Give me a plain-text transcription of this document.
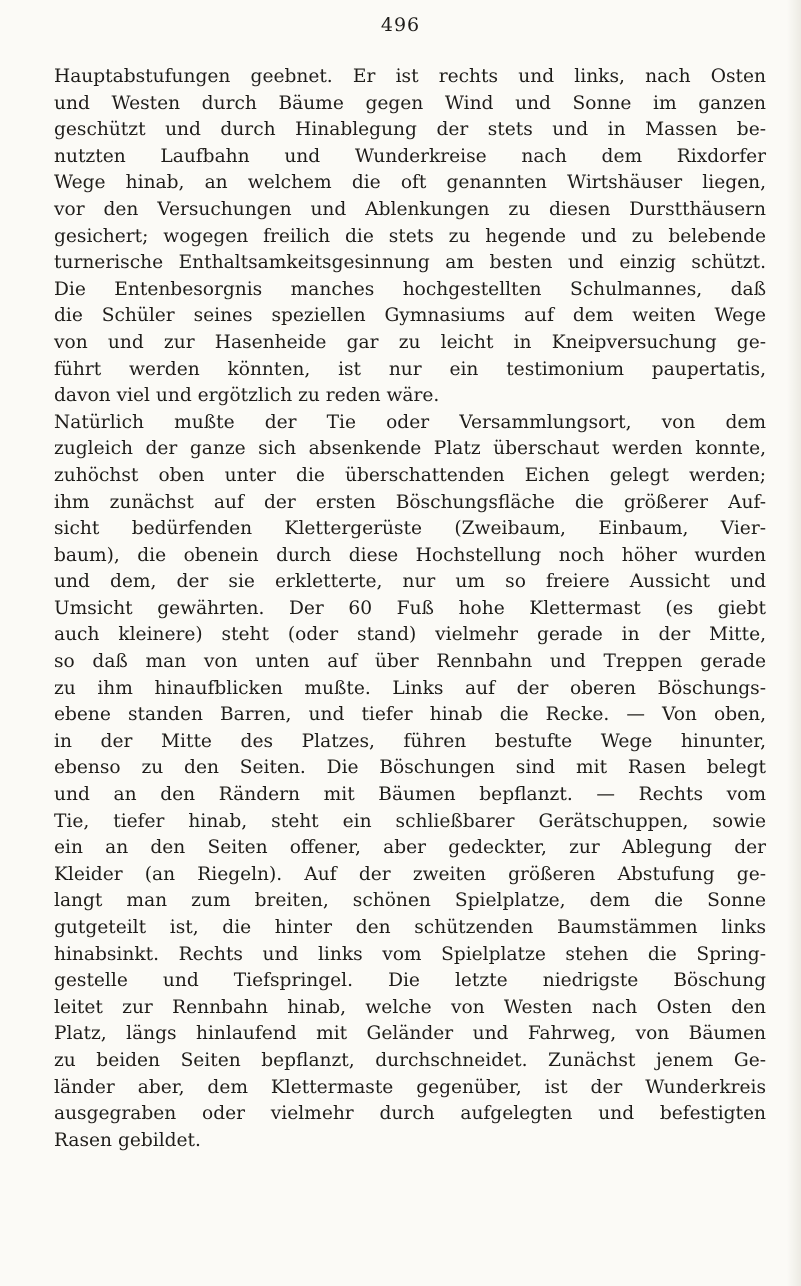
496
Hauptabstufungen geebnet. Er ist rechts und links, nach Osten
und Westen durch Bäume gegen Wind und Sonne im ganzen
geschützt und durch Hinablegung der stets und in Massen be-
nutzten Laufbahn und Wunderkreise nach dem Rixdorfer
Wege hinab, an welchem die oft genannten Wirtshäuser liegen,
vor den Versuchungen und Ablenkungen zu diesen Durstthäusern
gesichert; wogegen freilich die stets zu hegende und zu belebende
turnerische Enthaltsamkeitsgesinnung am besten und einzig schützt.
Die Entenbesorgnis manches hochgestellten Schulmannes, daß
die Schüler seines speziellen Gymnasiums auf dem weiten Wege
von und zur Hasenheide gar zu leicht in Kneipversuchung ge-
führt werden könnten, ist nur ein testimonium paupertatis,
davon viel und ergötzlich zu reden wäre.
Natürlich mußte der Tie oder Versammlungsort, von dem
zugleich der ganze sich absenkende Platz überschaut werden konnte,
zuhöchst oben unter die überschattenden Eichen gelegt werden;
ihm zunächst auf der ersten Böschungsfläche die größerer Auf-
sicht bedürfenden Klettergerüste (Zweibaum, Einbaum, Vier-
baum), die obenein durch diese Hochstellung noch höher wurden
und dem, der sie erkletterte, nur um so freiere Aussicht und
Umsicht gewährten. Der 60 Fuß hohe Klettermast (es giebt
auch kleinere) steht (oder stand) vielmehr gerade in der Mitte,
so daß man von unten auf über Rennbahn und Treppen gerade
zu ihm hinaufblicken mußte. Links auf der oberen Böschungs-
ebene standen Barren, und tiefer hinab die Recke. — Von oben,
in der Mitte des Platzes, führen bestufte Wege hinunter,
ebenso zu den Seiten. Die Böschungen sind mit Rasen belegt
und an den Rändern mit Bäumen bepflanzt. — Rechts vom
Tie, tiefer hinab, steht ein schließbarer Gerätschuppen, sowie
ein an den Seiten offener, aber gedeckter, zur Ablegung der
Kleider (an Riegeln). Auf der zweiten größeren Abstufung ge-
langt man zum breiten, schönen Spielplatze, dem die Sonne
gutgeteilt ist, die hinter den schützenden Baumstämmen links
hinabsinkt. Rechts und links vom Spielplatze stehen die Spring-
gestelle und Tiefspringel. Die letzte niedrigste Böschung
leitet zur Rennbahn hinab, welche von Westen nach Osten den
Platz, längs hinlaufend mit Geländer und Fahrweg, von Bäumen
zu beiden Seiten bepflanzt, durchschneidet. Zunächst jenem Ge-
länder aber, dem Klettermaste gegenüber, ist der Wunderkreis
ausgegraben oder vielmehr durch aufgelegten und befestigten
Rasen gebildet.
